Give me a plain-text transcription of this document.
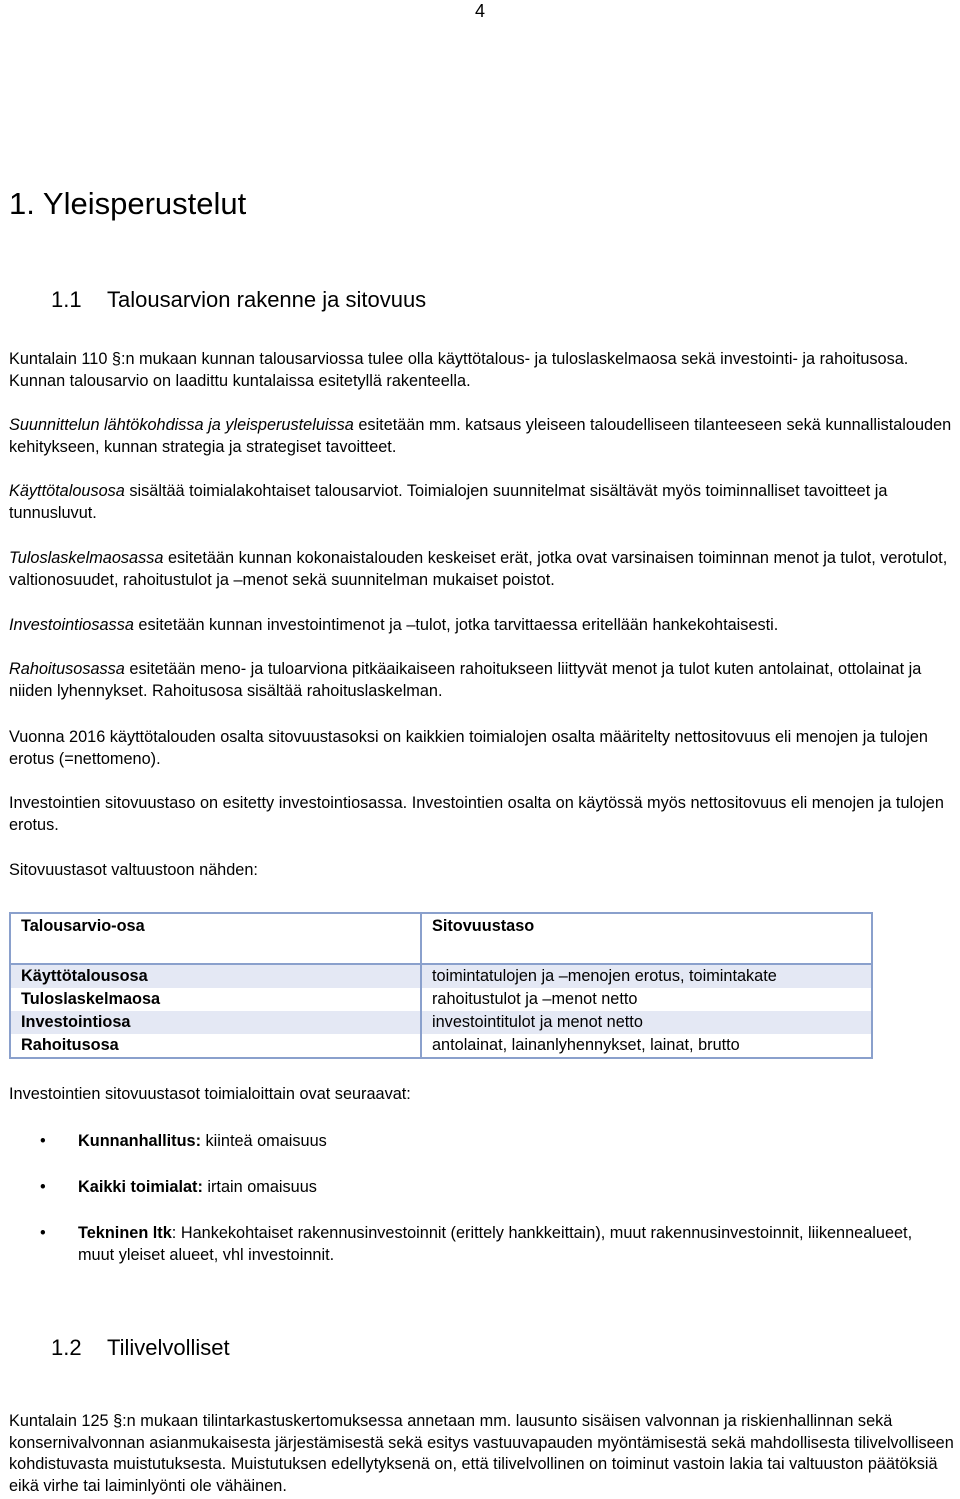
4
1. Yleisperustelut
1.1 Talousarvion rakenne ja sitovuus
Kuntalain 110 §:n mukaan kunnan talousarviossa tulee olla käyttötalous- ja tuloslaskelmaosa sekä investointi- ja rahoitusosa. Kunnan talousarvio on laadittu kuntalaissa esitetyllä rakenteella.
Suunnittelun lähtökohdissa ja yleisperusteluissa esitetään mm. katsaus yleiseen taloudelliseen tilanteeseen sekä kunnallistalouden kehitykseen, kunnan strategia ja strategiset tavoitteet.
Käyttötalousosa sisältää toimialakohtaiset talousarviot. Toimialojen suunnitelmat sisältävät myös toiminnalliset tavoitteet ja tunnusluvut.
Tuloslaskelmaosassa esitetään kunnan kokonaistalouden keskeiset erät, jotka ovat varsinaisen toiminnan menot ja tulot, verotulot, valtionosuudet, rahoitustulot ja –menot sekä suunnitelman mukaiset poistot.
Investointiosassa esitetään kunnan investointimenot ja –tulot, jotka tarvittaessa eritellään hankekohtaisesti.
Rahoitusosassa esitetään meno- ja tuloarviona pitkäaikaiseen rahoitukseen liittyvät menot ja tulot kuten antolainat, ottolainat ja niiden lyhennykset. Rahoitusosa sisältää rahoituslaskelman.
Vuonna 2016 käyttötalouden osalta sitovuustasoksi on kaikkien toimialojen osalta määritelty nettositovuus eli menojen ja tulojen erotus (=nettomeno).
Investointien sitovuustaso on esitetty investointiosassa. Investointien osalta on käytössä myös nettositovuus eli menojen ja tulojen erotus.
Sitovuustasot valtuustoon nähden:
Talousarvio-osa	Sitovuustaso
Käyttötalousosa	toimintatulojen ja –menojen erotus, toimintakate
Tuloslaskelmaosa	rahoitustulot ja –menot netto
Investointiosa	investointitulot ja menot netto
Rahoitusosa	antolainat, lainanlyhennykset, lainat, brutto
Investointien sitovuustasot toimialoittain ovat seuraavat:
• Kunnanhallitus: kiinteä omaisuus
• Kaikki toimialat: irtain omaisuus
• Tekninen ltk: Hankekohtaiset rakennusinvestoinnit (erittely hankkeittain), muut rakennusinvestoinnit, liikennealueet, muut yleiset alueet, vhl investoinnit.
1.2 Tilivelvolliset
Kuntalain 125 §:n mukaan tilintarkastuskertomuksessa annetaan mm. lausunto sisäisen valvonnan ja riskienhallinnan sekä konsernivalvonnan asianmukaisesta järjestämisestä sekä esitys vastuuvapauden myöntämisestä sekä mahdollisesta tilivelvolliseen kohdistuvasta muistutuksesta. Muistutuksen edellytyksenä on, että tilivelvollinen on toiminut vastoin lakia tai valtuuston päätöksiä eikä virhe tai laiminlyönti ole vähäinen.
